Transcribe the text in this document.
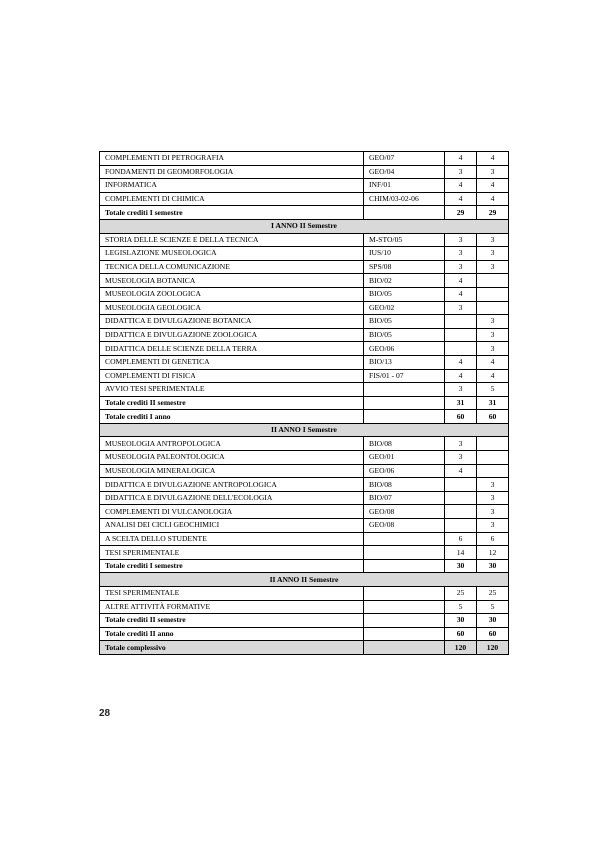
COMPLEMENTI DI PETROGRAFIA	GEO/07	4	4
FONDAMENTI DI GEOMORFOLOGIA	GEO/04	3	3
INFORMATICA	INF/01	4	4
COMPLEMENTI DI CHIMICA	CHIM/03-02-06	4	4
Totale crediti I semestre		29	29
I ANNO II Semestre			
STORIA DELLE SCIENZE E DELLA TECNICA	M-STO/05	3	3
LEGISLAZIONE MUSEOLOGICA	IUS/10	3	3
TECNICA DELLA COMUNICAZIONE	SPS/08	3	3
MUSEOLOGIA BOTANICA	BIO/02	4	
MUSEOLOGIA ZOOLOGICA	BIO/05	4	
MUSEOLOGIA GEOLOGICA	GEO/02	3	
DIDATTICA E DIVULGAZIONE BOTANICA	BIO/05		3
DIDATTICA E DIVULGAZIONE ZOOLOGICA	BIO/05		3
DIDATTICA DELLE SCIENZE DELLA TERRA	GEO/06		3
COMPLEMENTI DI GENETICA	BIO/13	4	4
COMPLEMENTI DI FISICA	FIS/01 - 07	4	4
AVVIO TESI SPERIMENTALE		3	5
Totale crediti II semestre		31	31
Totale crediti I anno		60	60
II ANNO I Semestre			
MUSEOLOGIA ANTROPOLOGICA	BIO/08	3	
MUSEOLOGIA PALEONTOLOGICA	GEO/01	3	
MUSEOLOGIA MINERALOGICA	GEO/06	4	
DIDATTICA E DIVULGAZIONE ANTROPOLOGICA	BIO/08		3
DIDATTICA E DIVULGAZIONE DELL'ECOLOGIA	BIO/07		3
COMPLEMENTI DI VULCANOLOGIA	GEO/08		3
ANALISI DEI CICLI GEOCHIMICI	GEO/08		3
A SCELTA DELLO STUDENTE		6	6
TESI SPERIMENTALE		14	12
Totale crediti I semestre		30	30
II ANNO II Semestre			
TESI SPERIMENTALE		25	25
ALTRE ATTIVITÀ FORMATIVE		5	5
Totale crediti II semestre		30	30
Totale crediti II anno		60	60
Totale complessivo		120	120
28
